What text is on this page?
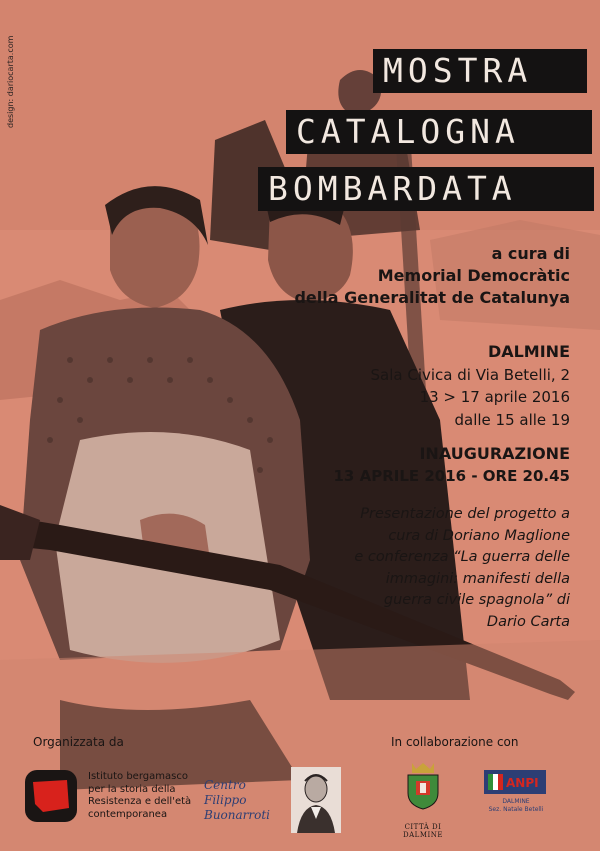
design: dariocarta.com	MOSTRA
CATALOGNA
BOMBARDATA
a cura di
Memorial Democràtic
della Generalitat de Catalunya
DALMINE
Sala Civica di Via Betelli, 2
13 > 17 aprile 2016
dalle 15 alle 19
INAUGURAZIONE
13 APRILE 2016 - ORE 20.45
Presentazione del progetto a
cura di Doriano Maglione
e conferenza “La guerra delle
immagini: manifesti della
guerra civile spagnola” di
Dario Carta
Organizzata da	In collaborazione con
Istituto bergamasco
per la storia della
Resistenza e dell'età
contemporanea
Centro
Filippo
Buonarroti
CITTÀ DI DALMINE
ANPI
DALMINE
Sez. Natale Betelli
